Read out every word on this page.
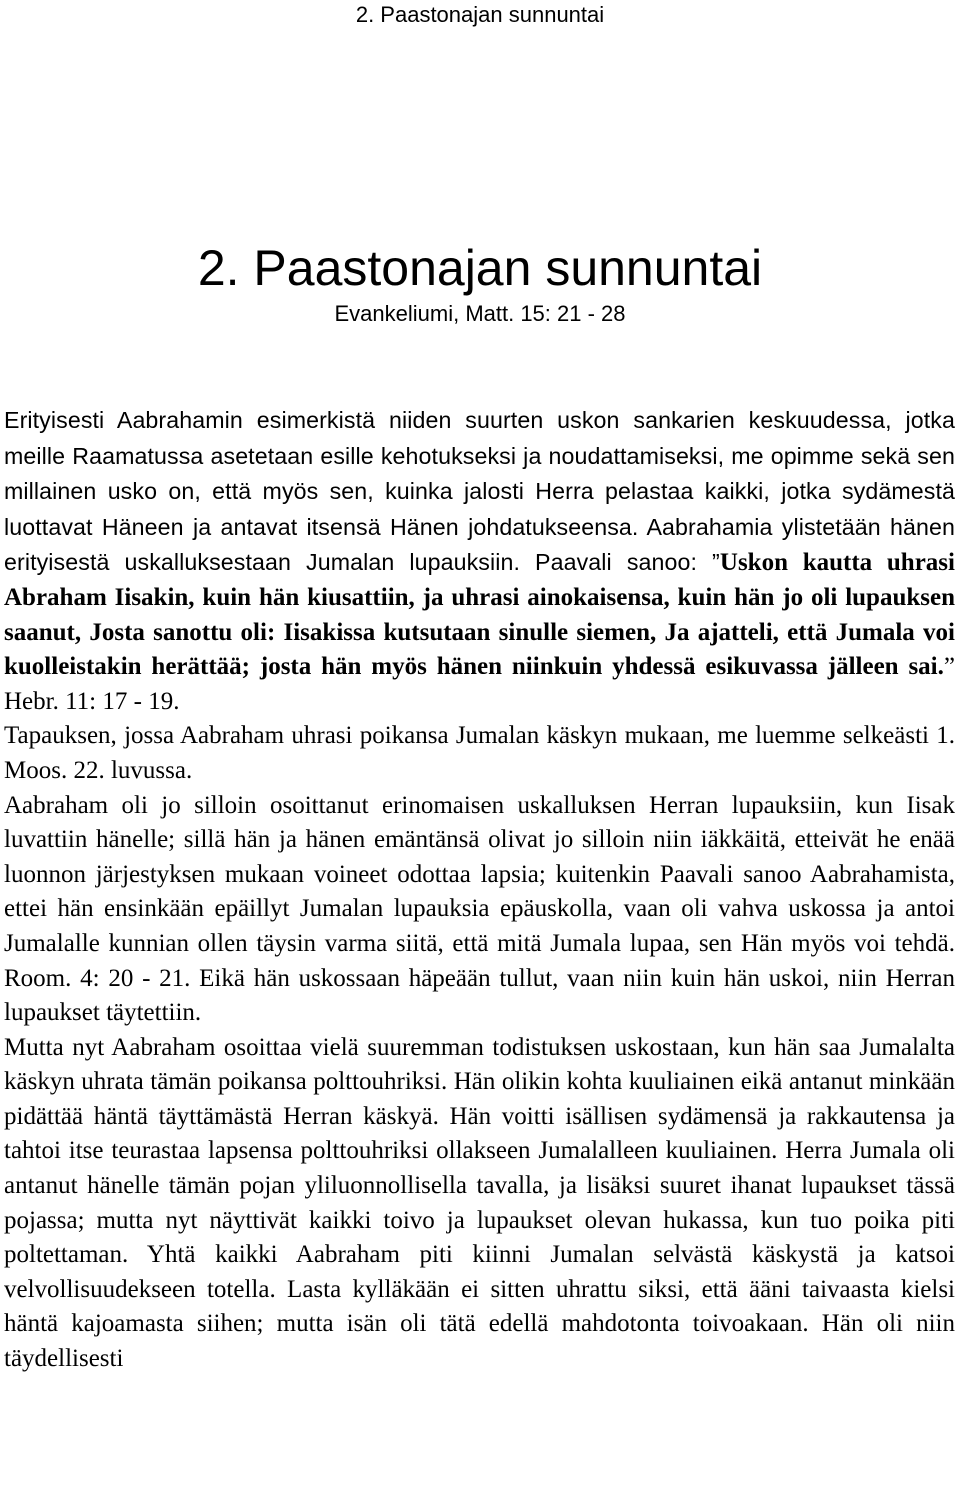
2. Paastonajan sunnuntai
2. Paastonajan sunnuntai
Evankeliumi, Matt. 15: 21 - 28

Erityisesti Aabrahamin esimerkistä niiden suurten uskon sankarien keskuudessa, jotka meille Raamatussa asetetaan esille kehotukseksi ja noudattamiseksi, me opimme sekä sen millainen usko on, että myös sen, kuinka jalosti Herra pelastaa kaikki, jotka sydämestä luottavat Häneen ja antavat itsensä Hänen johdatukseensa. Aabrahamia ylistetään hänen erityisestä uskalluksestaan Jumalan lupauksiin. Paavali sanoo: ”Uskon kautta uhrasi Abraham Iisakin, kuin hän kiusattiin, ja uhrasi ainokaisensa, kuin hän jo oli lupauksen saanut, Josta sanottu oli: Iisakissa kutsutaan sinulle siemen, Ja ajatteli, että Jumala voi kuolleistakin herättää; josta hän myös hänen niinkuin yhdessä esikuvassa jälleen sai.” Hebr. 11: 17 - 19.

Tapauksen, jossa Aabraham uhrasi poikansa Jumalan käskyn mukaan, me luemme selkeästi 1. Moos. 22. luvussa.

Aabraham oli jo silloin osoittanut erinomaisen uskalluksen Herran lupauksiin, kun Iisak luvattiin hänelle; sillä hän ja hänen emäntänsä olivat jo silloin niin iäkkäitä, etteivät he enää luonnon järjestyksen mukaan voineet odottaa lapsia; kuitenkin Paavali sanoo Aabrahamista, ettei hän ensinkään epäillyt Jumalan lupauksia epäuskolla, vaan oli vahva uskossa ja antoi Jumalalle kunnian ollen täysin varma siitä, että mitä Jumala lupaa, sen Hän myös voi tehdä. Room. 4: 20 - 21. Eikä hän uskossaan häpeään tullut, vaan niin kuin hän uskoi, niin Herran lupaukset täytettiin.

Mutta nyt Aabraham osoittaa vielä suuremman todistuksen uskostaan, kun hän saa Jumalalta käskyn uhrata tämän poikansa polttouhriksi. Hän olikin kohta kuuliainen eikä antanut minkään pidättää häntä täyttämästä Herran käskyä. Hän voitti isällisen sydämensä ja rakkautensa ja tahtoi itse teurastaa lapsensa polttouhriksi ollakseen Jumalalleen kuuliainen. Herra Jumala oli antanut hänelle tämän pojan yliluonnollisella tavalla, ja lisäksi suuret ihanat lupaukset tässä pojassa; mutta nyt näyttivät kaikki toivo ja lupaukset olevan hukassa, kun tuo poika piti poltettaman. Yhtä kaikki Aabraham piti kiinni Jumalan selvästä käskystä ja katsoi velvollisuudekseen totella. Lasta kylläkään ei sitten uhrattu siksi, että ääni taivaasta kielsi häntä kajoamasta siihen; mutta isän oli tätä edellä mahdotonta toivoakaan. Hän oli niin täydellisesti
